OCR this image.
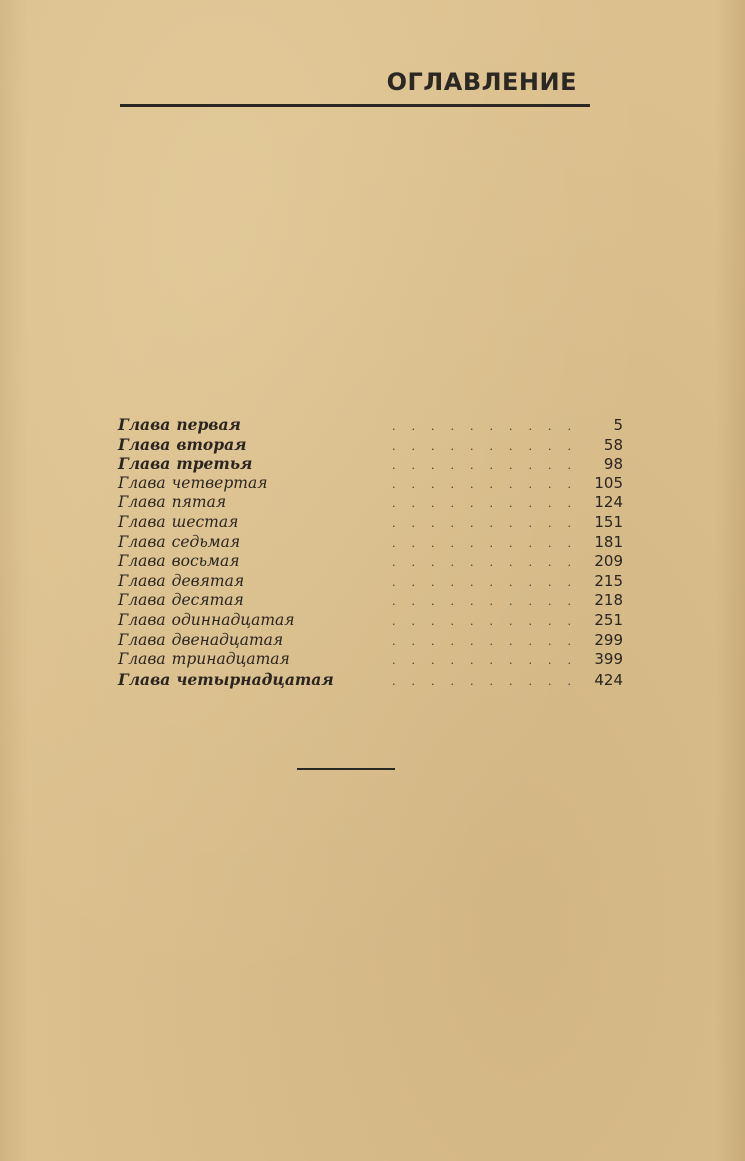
ОГЛАВЛЕНИЕ
Глава первая	..........	5
Глава вторая	..........	58
Глава третья	..........	98
Глава четвертая	.......... 105
Глава пятая	.......... 124
Глава шестая	.......... 151
Глава седьмая	.......... 181
Глава восьмая	.......... 209
Глава девятая	.......... 215
Глава десятая	.......... 218
Глава одиннадцатая	.......... 251
Глава двенадцатая	.......... 299
Глава тринадцатая	.......... 399
Глава четырнадцатая	.......... 424
